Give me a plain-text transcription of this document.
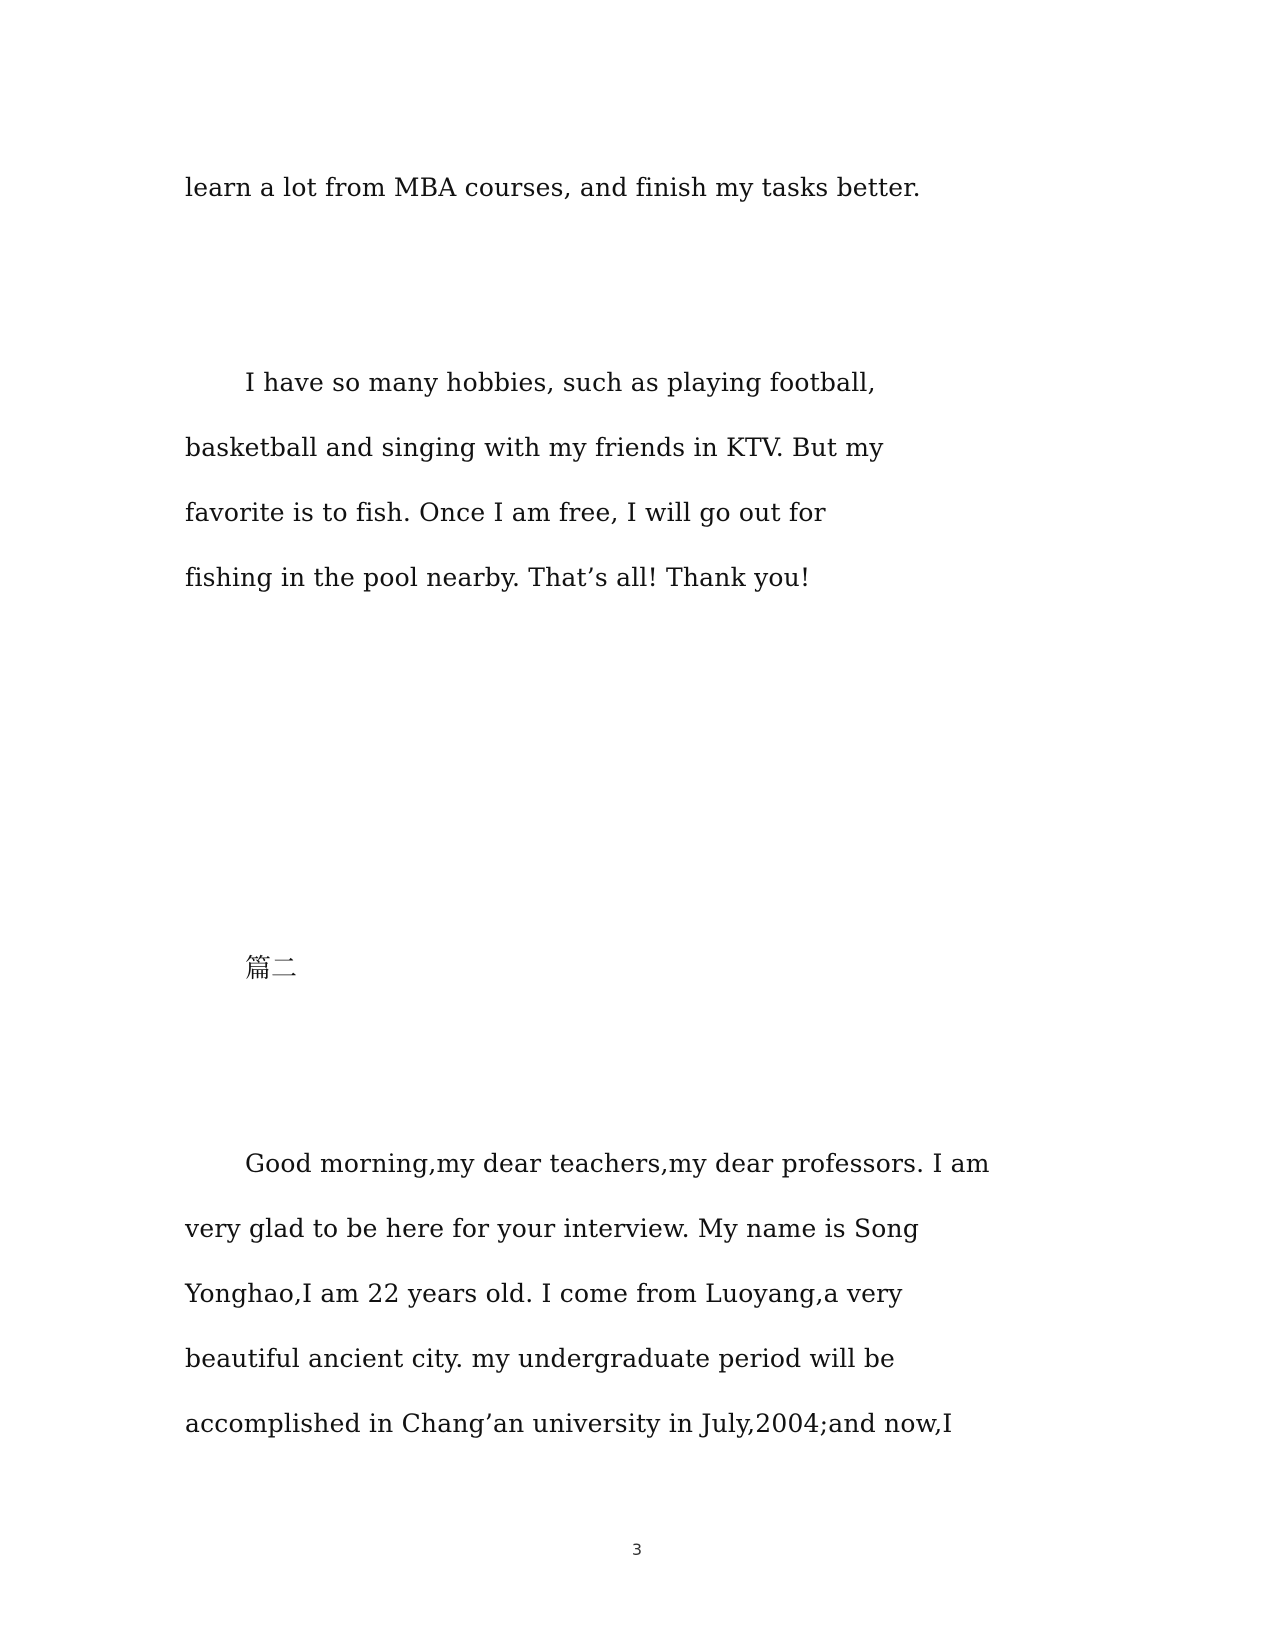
learn a lot from MBA courses, and finish my tasks better.
I have so many hobbies, such as playing football,
basketball and singing with my friends in KTV. But my
favorite is to fish. Once I am free, I will go out for
fishing in the pool nearby. That’s all! Thank you!
篇二
Good morning,my dear teachers,my dear professors. I am
very glad to be here for your interview. My name is Song
Yonghao,I am 22 years old. I come from Luoyang,a very
beautiful ancient city. my undergraduate period will be
accomplished in Chang’an university in July,2004;and now,I
3
